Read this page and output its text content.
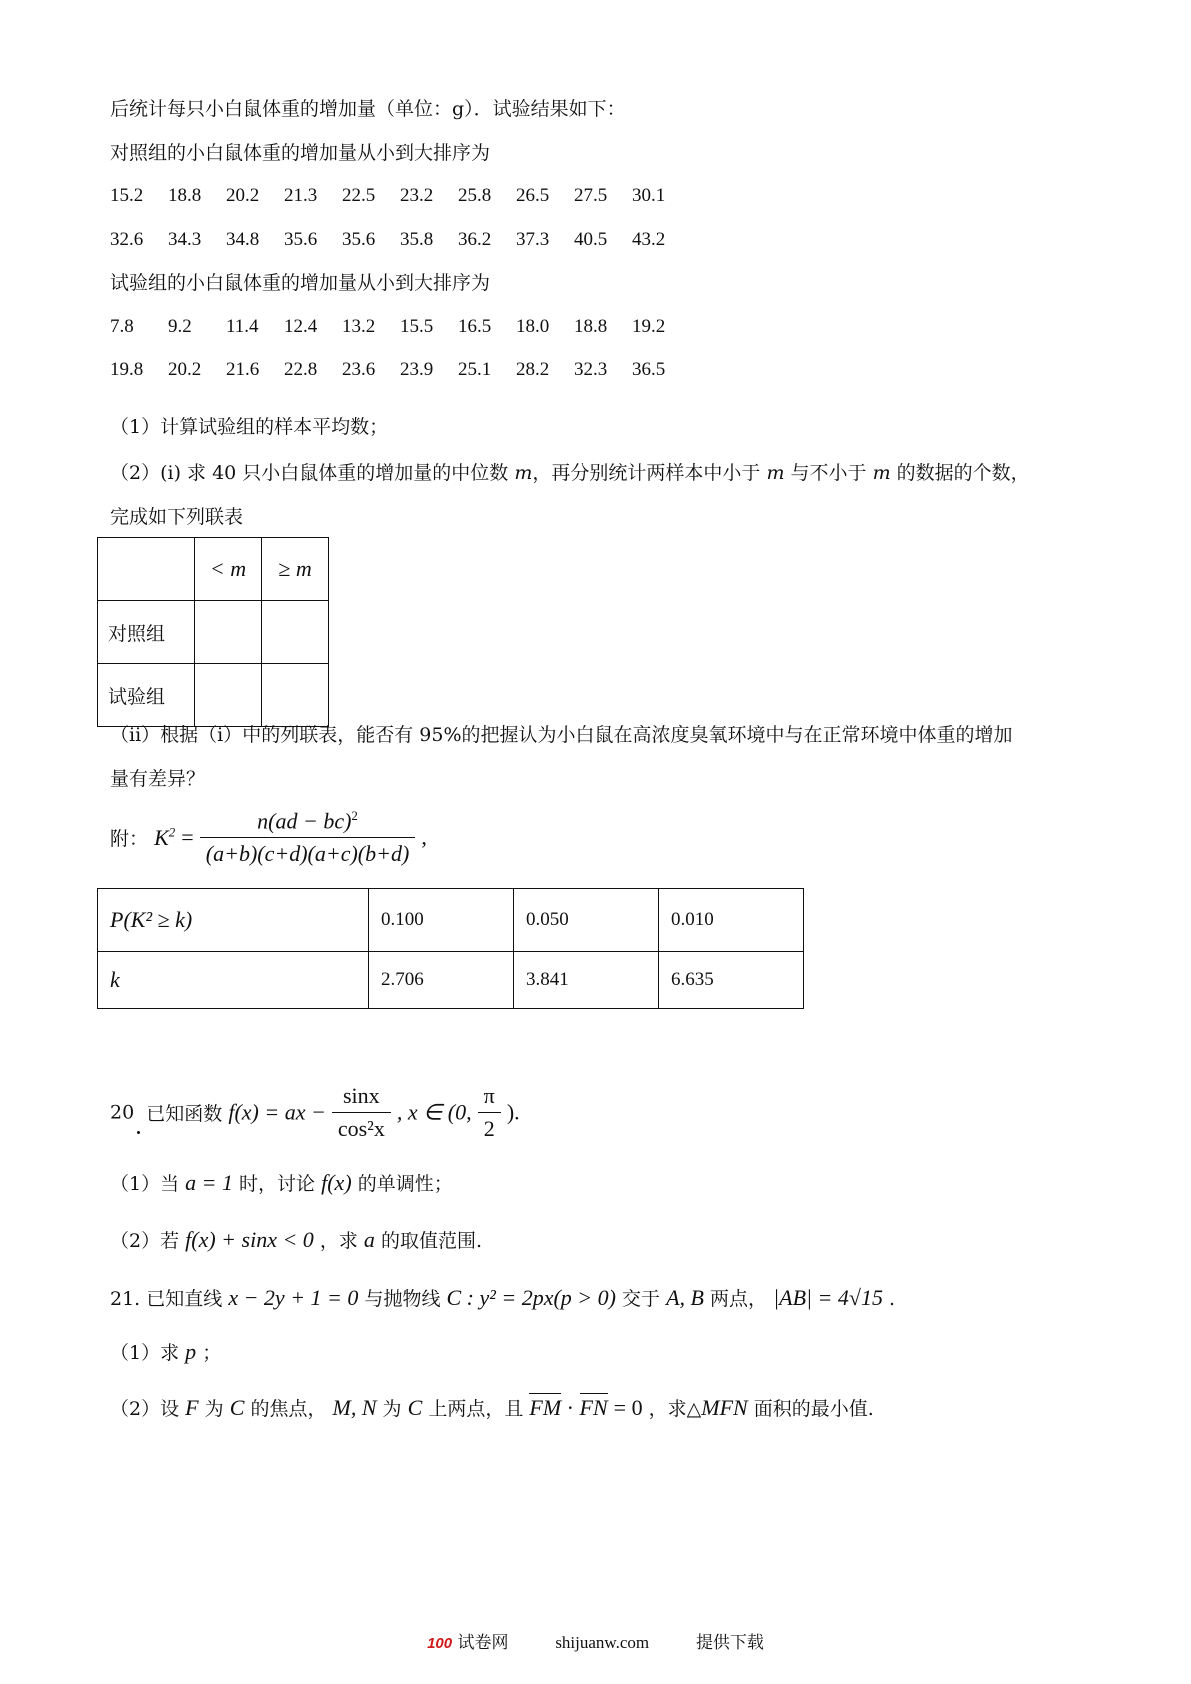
后统计每只小白鼠体重的增加量（单位：g）．试验结果如下：
对照组的小白鼠体重的增加量从小到大排序为
15.2 18.8 20.2 21.3 22.5 23.2 25.8 26.5 27.5 30.1
32.6 34.3 34.8 35.6 35.6 35.8 36.2 37.3 40.5 43.2
试验组的小白鼠体重的增加量从小到大排序为
7.8 9.2 11.4 12.4 13.2 15.5 16.5 18.0 18.8 19.2
19.8 20.2 21.6 22.8 23.6 23.9 25.1 28.2 32.3 36.5
（1）计算试验组的样本平均数；
（2）(i) 求 40 只小白鼠体重的增加量的中位数 m，再分别统计两样本中小于 m 与不小于 m 的数据的个数，
完成如下列联表
	< m	≥ m
对照组		
试验组		
（ii）根据（i）中的列联表，能否有 95%的把握认为小白鼠在高浓度臭氧环境中与在正常环境中体重的增加
量有差异？
附： $K^2 = \frac{n(ad - bc)^2}{(a+b)(c+d)(a+c)(b+d)}$ ,
P(K² ≥ k)	0.100	0.050	0.010
k	2.706	3.841	6.635
20 已知函数 f(x) = ax − $\frac{\sin x}{\text{cos²x}}$ , x ∈ (0, $\frac{\pi}{2}$ ).
（1）当 a = 1 时，讨论 f(x) 的单调性；
（2）若 f(x) + sinx < 0 ，求 a 的取值范围.
21. 已知直线 x − 2y + 1 = 0 与抛物线 C : y² = 2px(p > 0) 交于 A, B 两点， |AB| = 4√15 .
（1）求 p ；
（2）设 F 为 C 的焦点， M, N 为 C 上两点，且 FM · FN = 0 ，求△MFN 面积的最小值.
100 试卷网	shijuanw.com	提供下载
